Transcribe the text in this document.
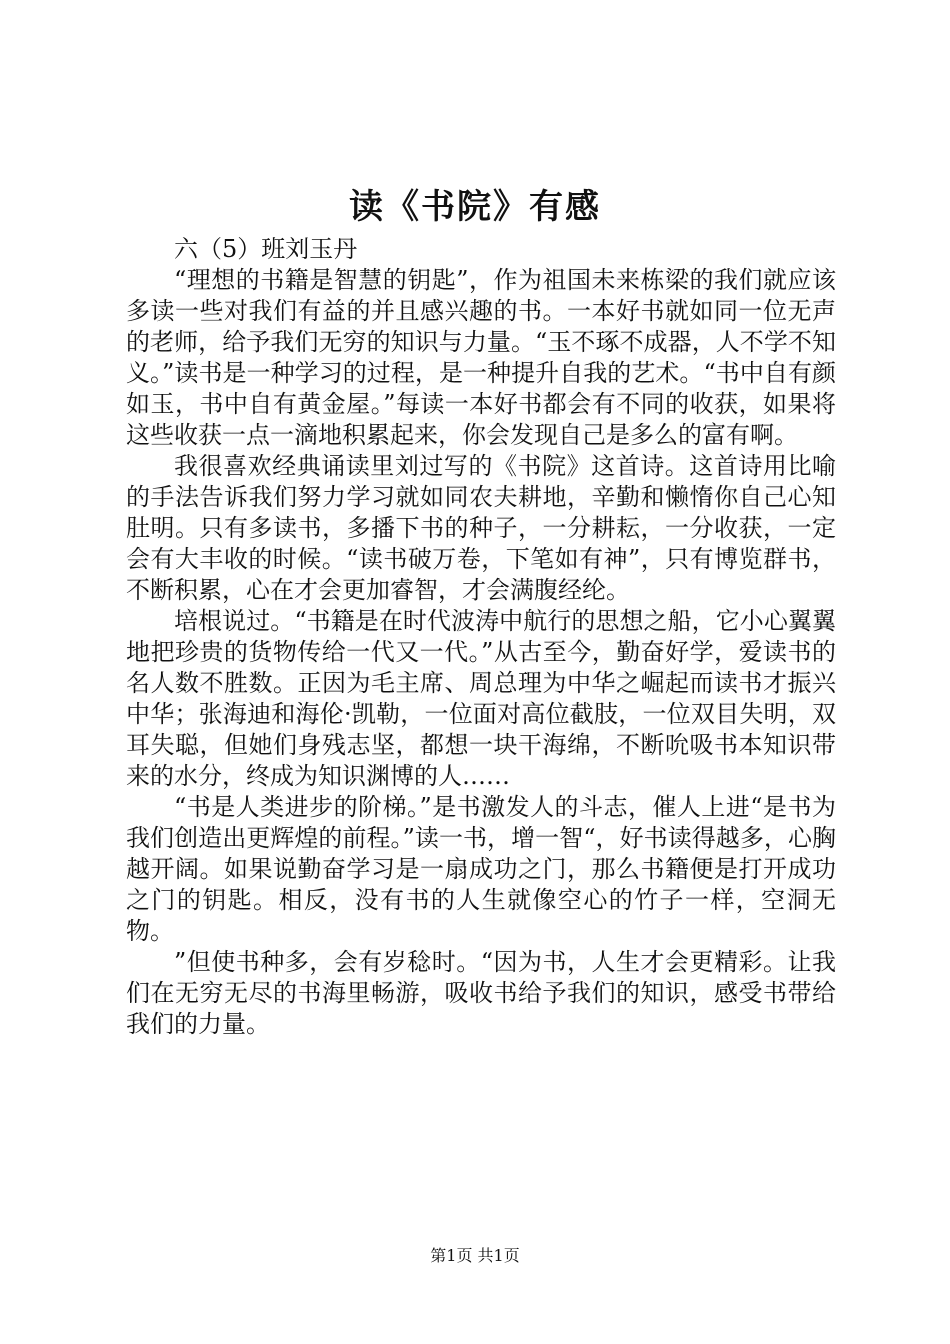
读《书院》有感

六（5）班刘玉丹

“理想的书籍是智慧的钥匙”，作为祖国未来栋梁的我们就应该多读一些对我们有益的并且感兴趣的书。一本好书就如同一位无声的老师，给予我们无穷的知识与力量。“玉不琢不成器，人不学不知义。”读书是一种学习的过程，是一种提升自我的艺术。“书中自有颜如玉，书中自有黄金屋。”每读一本好书都会有不同的收获，如果将这些收获一点一滴地积累起来，你会发现自己是多么的富有啊。

我很喜欢经典诵读里刘过写的《书院》这首诗。这首诗用比喻的手法告诉我们努力学习就如同农夫耕地，辛勤和懒惰你自己心知肚明。只有多读书，多播下书的种子，一分耕耘，一分收获，一定会有大丰收的时候。“读书破万卷，下笔如有神”，只有博览群书，不断积累，心在才会更加睿智，才会满腹经纶。

培根说过。“书籍是在时代波涛中航行的思想之船，它小心翼翼地把珍贵的货物传给一代又一代。”从古至今，勤奋好学，爱读书的名人数不胜数。正因为毛主席、周总理为中华之崛起而读书才振兴中华；张海迪和海伦·凯勒，一位面对高位截肢，一位双目失明，双耳失聪，但她们身残志坚，都想一块干海绵，不断吮吸书本知识带来的水分，终成为知识渊博的人……

“书是人类进步的阶梯。”是书激发人的斗志，催人上进“是书为我们创造出更辉煌的前程。”读一书，增一智“，好书读得越多，心胸越开阔。如果说勤奋学习是一扇成功之门，那么书籍便是打开成功之门的钥匙。相反，没有书的人生就像空心的竹子一样，空洞无物。

”但使书种多，会有岁稔时。“因为书，人生才会更精彩。让我们在无穷无尽的书海里畅游，吸收书给予我们的知识，感受书带给我们的力量。

第1页 共1页
